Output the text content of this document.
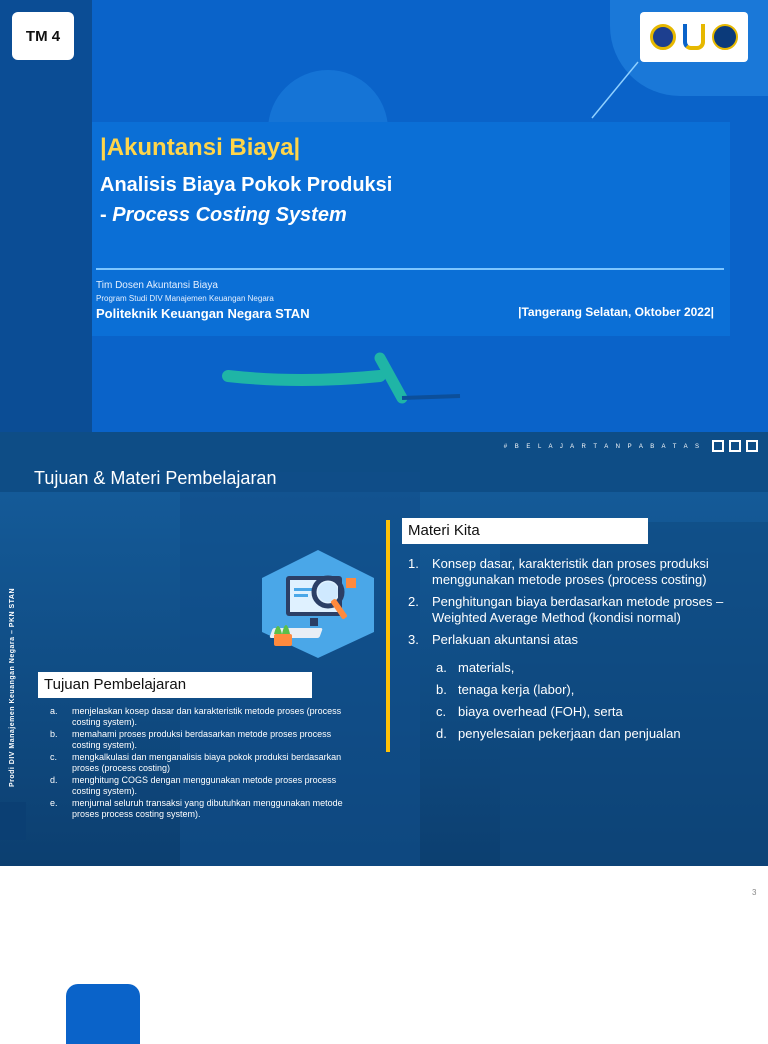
TM 4
|Akuntansi Biaya|
Analisis Biaya Pokok Produksi
- Process Costing System
Tim Dosen Akuntansi Biaya
Program Studi DIV Manajemen Keuangan Negara
Politeknik Keuangan Negara STAN	|Tangerang Selatan, Oktober 2022|
Prodi DIV Manajemen Keuangan Negara – PKN STAN
# B E L A J A R T A N P A B A T A S
Tujuan & Materi Pembelajaran
Materi Kita
1.	Konsep dasar, karakteristik dan proses produksi menggunakan metode proses (process costing)
2.	Penghitungan biaya berdasarkan metode proses – Weighted Average Method (kondisi normal)
3.	Perlakuan akuntansi atas
a. materials,
b. tenaga kerja (labor),
c. biaya overhead (FOH), serta
d. penyelesaian pekerjaan dan penjualan
Tujuan Pembelajaran
a.	menjelaskan kosep dasar dan karakteristik metode proses (process costing system).
b.	memahami proses produksi berdasarkan metode proses process costing system).
c.	mengkalkulasi dan menganalisis biaya pokok produksi berdasarkan proses (process costing)
d.	menghitung COGS dengan menggunakan metode proses process costing system).
e.	menjurnal seluruh transaksi yang dibutuhkan menggunakan metode proses process costing system).
3
